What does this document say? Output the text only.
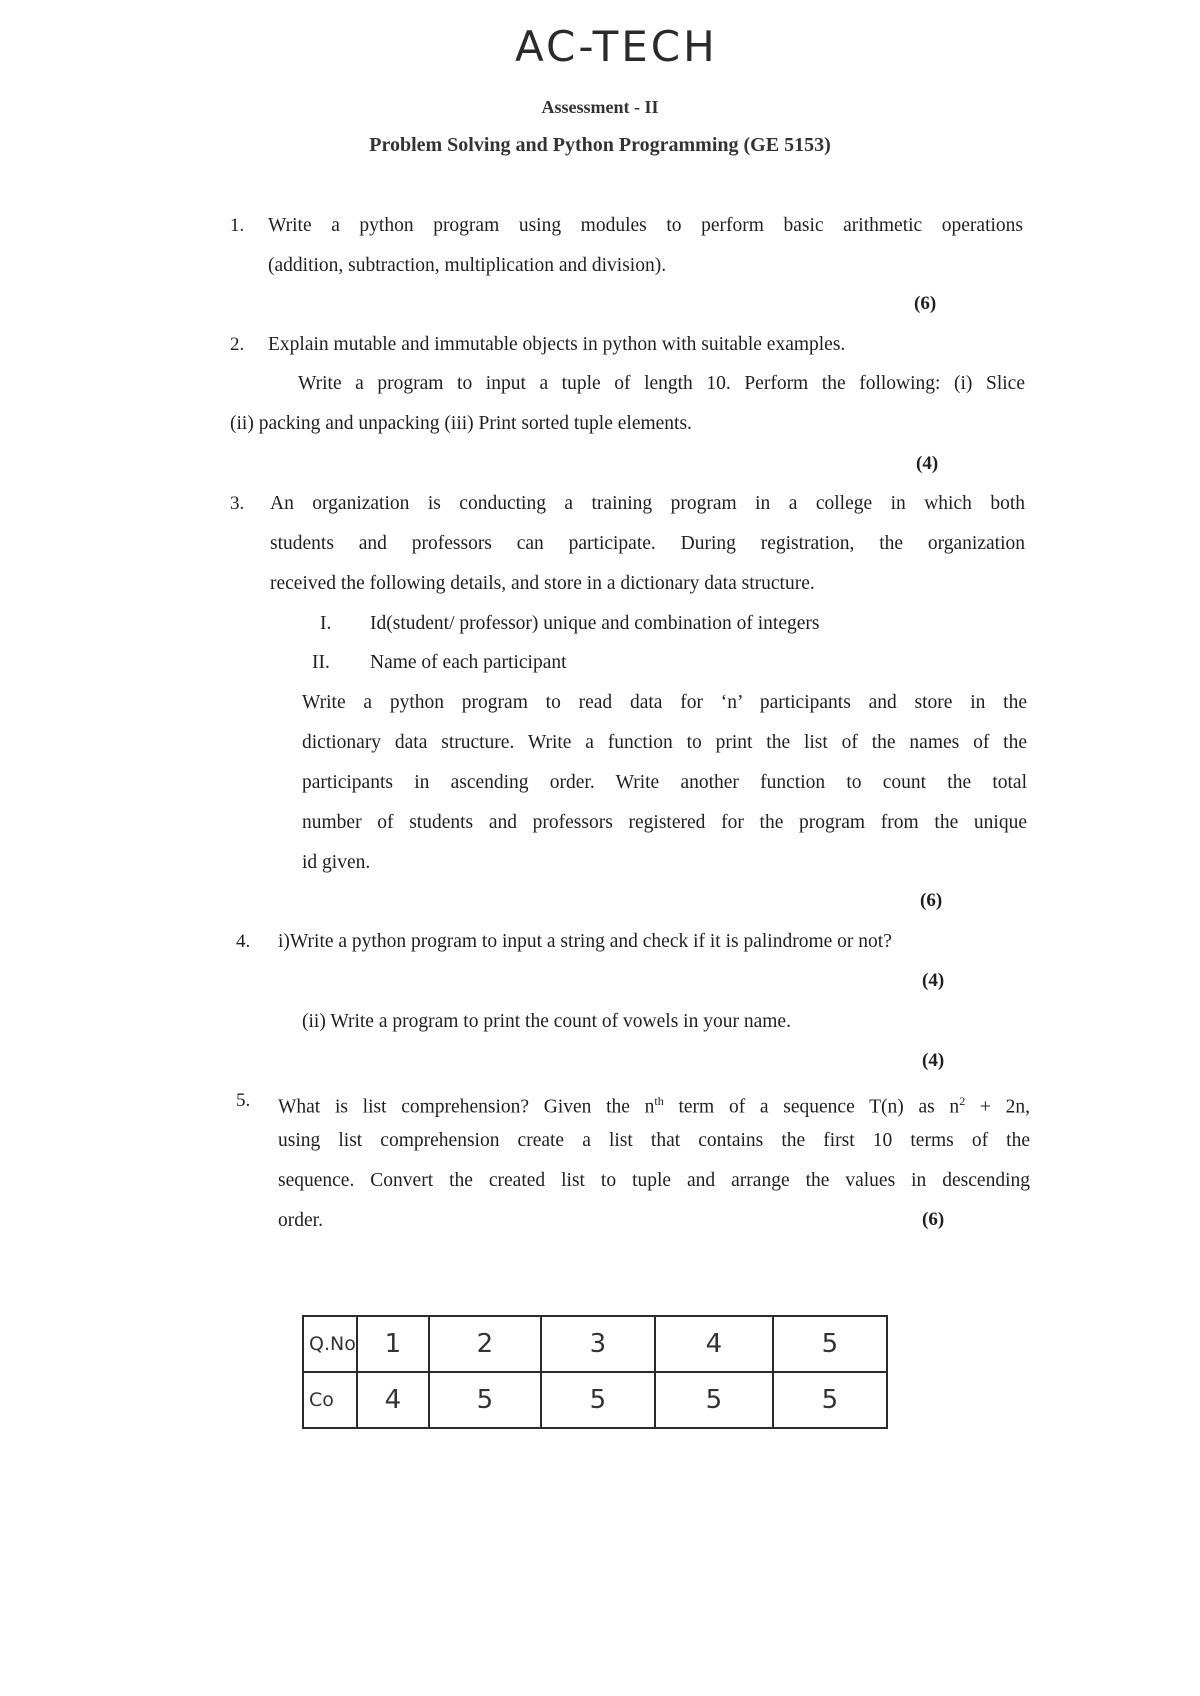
AC-TECH
Assessment - II
Problem Solving and Python Programming (GE 5153)
1. Write a python program using modules to perform basic arithmetic operations
(addition, subtraction, multiplication and division).
(6)
2. Explain mutable and immutable objects in python with suitable examples.
Write a program to input a tuple of length 10. Perform the following: (i) Slice
(ii) packing and unpacking (iii) Print sorted tuple elements.
(4)
3. An organization is conducting a training program in a college in which both
students and professors can participate. During registration, the organization
received the following details, and store in a dictionary data structure.
I. Id(student/ professor) unique and combination of integers
II. Name of each participant
Write a python program to read data for ‘n’ participants and store in the
dictionary data structure. Write a function to print the list of the names of the
participants in ascending order. Write another function to count the total
number of students and professors registered for the program from the unique
id given.
(6)
4. i)Write a python program to input a string and check if it is palindrome or not?
(4)
(ii) Write a program to print the count of vowels in your name.
(4)
5. What is list comprehension? Given the $n^{th}$ term of a sequence T(n) as $n^2 + 2n$,
using list comprehension create a list that contains the first 10 terms of the
sequence. Convert the created list to tuple and arrange the values in descending
order.	(6)
Q.No	1	2	3	4	5
Co	4	5	5	5	5
